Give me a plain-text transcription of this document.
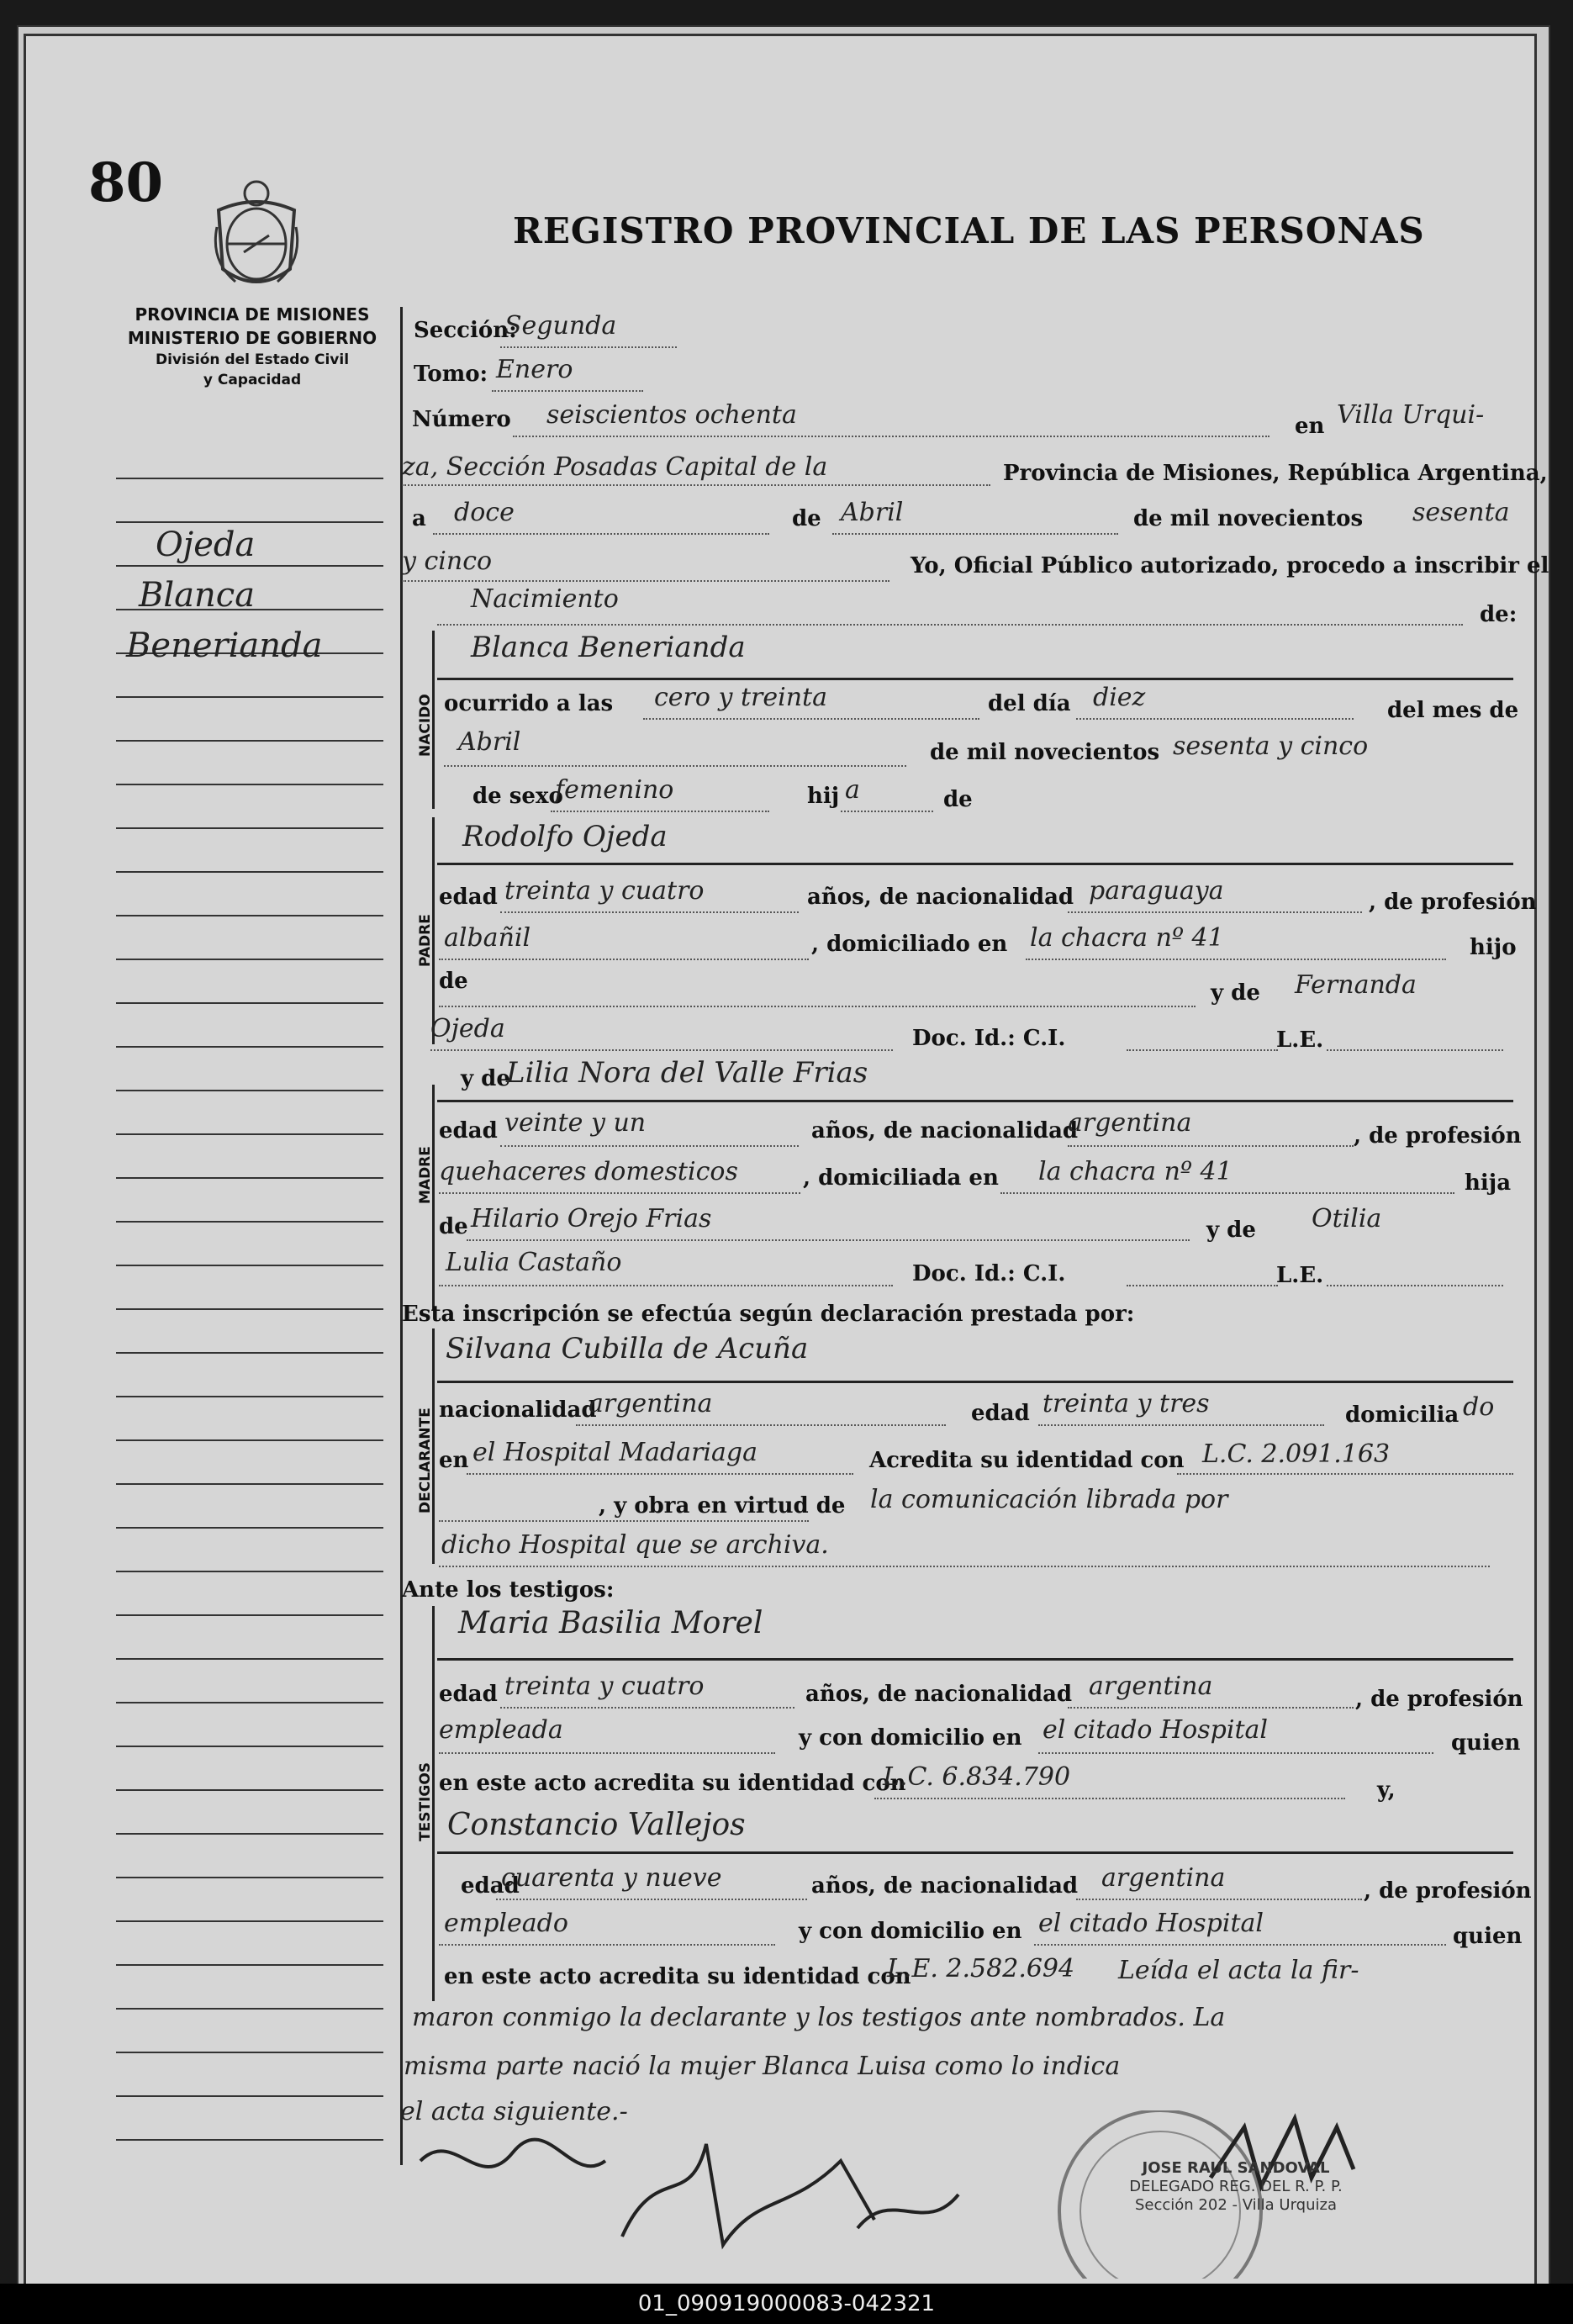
80
REGISTRO PROVINCIAL DE LAS PERSONAS
PROVINCIA DE MISIONES
MINISTERIO DE GOBIERNO
División del Estado Civil
y Capacidad
Ojeda
Blanca
Benerianda
Sección:
Segunda
Tomo: Enero
Número seiscientos ochenta	en Villa Urqui-
za, Sección Posadas Capital de la	Provincia de Misiones, República Argentina,
a doce	de Abril	de mil novecientos sesenta
y cinco	Yo, Oficial Público autorizado, procedo a inscribir el
Nacimiento
de:
NACIDO
Blanca Benerianda
ocurrido a las cero y treinta	del día diez	del mes de
Abril	de mil novecientos sesenta y cinco
de sexo
femenino	hij a	de
PADRE
Rodolfo Ojeda
edad treinta y cuatro	años, de nacionalidad paraguaya	, de profesión
albañil	, domiciliado en la chacra nº 41	hijo
de	y de Fernanda
Ojeda	Doc. Id.: C.I.	L.E.
y de
Lilia Nora del Valle Frias
MADRE
edad veinte y un	años, de nacionalidad
argentina	, de profesión
quehaceres domesticos	, domiciliada en la chacra nº 41	hija
de Hilario Orejo Frias	y de Otilia
Lulia Castaño	Doc. Id.: C.I.	L.E.
Esta inscripción se efectúa según declaración prestada por:
DECLARANTE
Silvana Cubilla de Acuña
nacionalidad
argentina	edad treinta y tres	domicilia do
en el Hospital Madariaga	Acredita su identidad con L.C. 2.091.163
, y obra en virtud de la comunicación librada por
dicho Hospital que se archiva.
Ante los testigos:
TESTIGOS
Maria Basilia Morel
edad treinta y cuatro	años, de nacionalidad argentina	, de profesión
empleada	y con domicilio en el citado Hospital	quien
en este acto acredita su identidad con
L.C. 6.834.790	y,
Constancio Vallejos
edad
cuarenta y nueve	años, de nacionalidad argentina	, de profesión
empleado	y con domicilio en el citado Hospital	quien
en este acto acredita su identidad con
L.E. 2.582.694 Leída el acta la fir-
maron conmigo la declarante y los testigos ante nombrados. La
misma parte nació la mujer Blanca Luisa como lo indica
el acta siguiente.-
JOSE RAUL SANDOVAL
DELEGADO REG. DEL R. P. P.
Sección 202 - Villa Urquiza
01_090919000083-042321
